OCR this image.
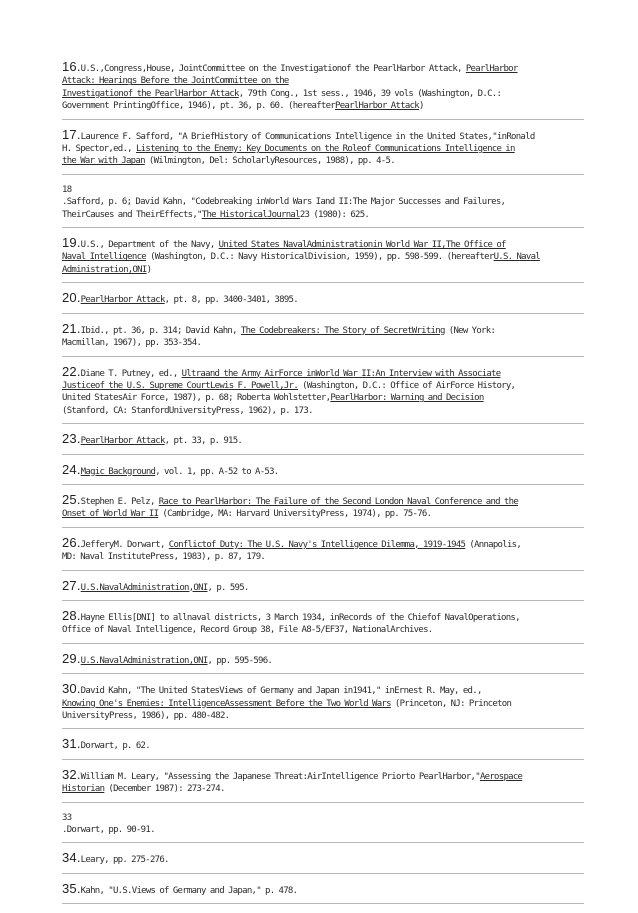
16.U.S.,Congress,House, JointCommittee on the Investigationof the PearlHarbor Attack, PearlHarbor
Attack: Hearings Before the JointCommittee on the
Investigationof the PearlHarbor Attack, 79th Cong., 1st sess., 1946, 39 vols (Washington, D.C.:
Government PrintingOffice, 1946), pt. 36, p. 60. (hereafterPearlHarbor Attack)
17.Laurence F. Safford, "A BriefHistory of Communications Intelligence in the United States,"inRonald
H. Spector,ed., Listening to the Enemy: Key Documents on the Roleof Communications Intelligence in
the War with Japan (Wilmington, Del: ScholarlyResources, 1988), pp. 4-5.
18
.Safford, p. 6; David Kahn, "Codebreaking inWorld Wars Iand II:The Major Successes and Failures,
TheirCauses and TheirEffects,"The HistoricalJournal23 (1980): 625.
19.U.S., Department of the Navy, United States NavalAdministrationin World War II,The Office of
Naval Intelligence (Washington, D.C.: Navy HistoricalDivision, 1959), pp. 598-599. (hereafterU.S. Naval
Administration,ONI)
20.PearlHarbor Attack, pt. 8, pp. 3400-3401, 3895.
21.Ibid., pt. 36, p. 314; David Kahn, The Codebreakers: The Story of SecretWriting (New York:
Macmillan, 1967), pp. 353-354.
22.Diane T. Putney, ed., Ultraand the Army AirForce inWorld War II:An Interview with Associate
Justiceof the U.S. Supreme CourtLewis F. Powell,Jr. (Washington, D.C.: Office of AirForce History,
United StatesAir Force, 1987), p. 68; Roberta Wohlstetter,PearlHarbor: Warning and Decision
(Stanford, CA: StanfordUniversityPress, 1962), p. 173.
23.PearlHarbor Attack, pt. 33, p. 915.
24.Magic Background, vol. 1, pp. A-52 to A-53.
25.Stephen E. Pelz, Race to PearlHarbor: The Failure of the Second London Naval Conference and the
Onset of World War II (Cambridge, MA: Harvard UniversityPress, 1974), pp. 75-76.
26.JefferyM. Dorwart, Conflictof Duty: The U.S. Navy's Intelligence Dilemma, 1919-1945 (Annapolis,
MD: Naval InstitutePress, 1983), p. 87, 179.
27.U.S.NavalAdministration,ONI, p. 595.
28.Hayne Ellis[DNI] to allnaval districts, 3 March 1934, inRecords of the Chiefof NavalOperations,
Office of Naval Intelligence, Record Group 38, File A8-5/EF37, NationalArchives.
29.U.S.NavalAdministration,ONI, pp. 595-596.
30.David Kahn, "The United StatesViews of Germany and Japan in1941," inErnest R. May, ed.,
Knowing One's Enemies: IntelligenceAssessment Before the Two World Wars (Princeton, NJ: Princeton
UniversityPress, 1986), pp. 480-482.
31.Dorwart, p. 62.
32.William M. Leary, "Assessing the Japanese Threat:AirIntelligence Priorto PearlHarbor,"Aerospace
Historian (December 1987): 273-274.
33
.Dorwart, pp. 90-91.
34.Leary, pp. 275-276.
35.Kahn, "U.S.Views of Germany and Japan," p. 478.
